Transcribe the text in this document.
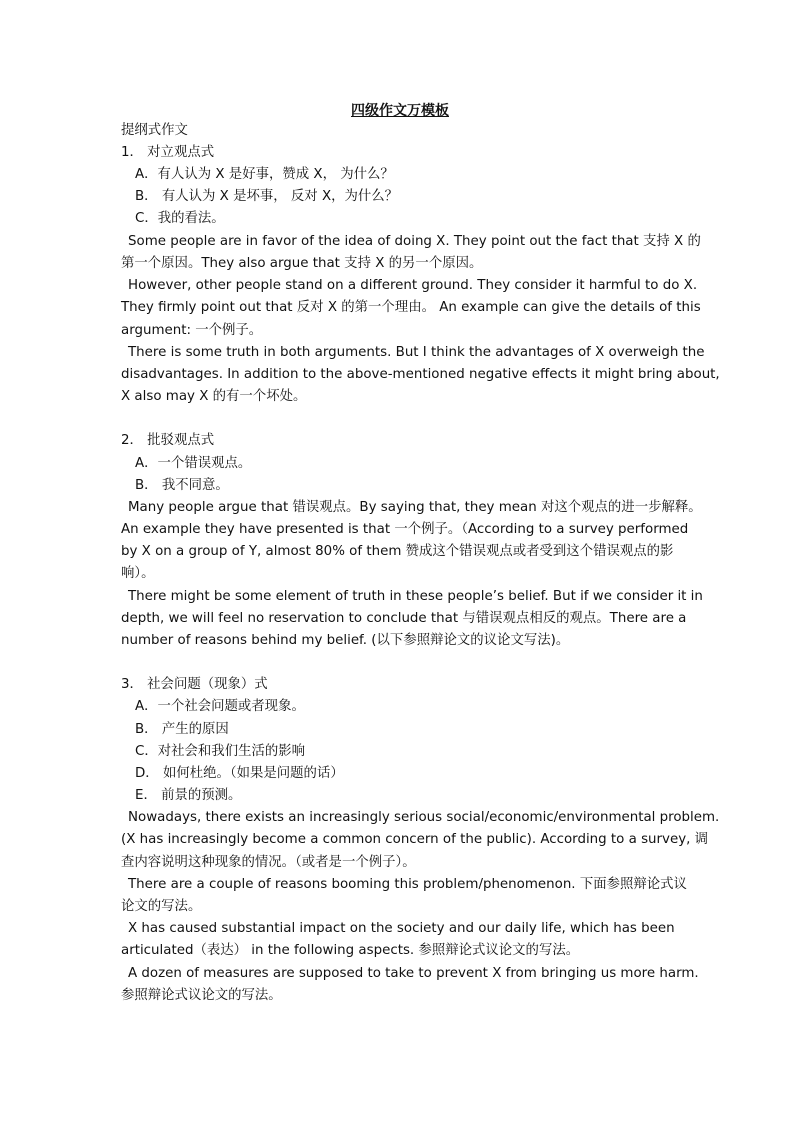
四级作文万模板
提纲式作文
1． 对立观点式
A．有人认为 X 是好事，赞成 X， 为什么？
B． 有人认为 X 是坏事， 反对 X，为什么？
C．我的看法。
Some people are in favor of the idea of doing X. They point out the fact that 支持 X 的
第一个原因。They also argue that 支持 X 的另一个原因。
However, other people stand on a different ground. They consider it harmful to do X.
They firmly point out that 反对 X 的第一个理由。 An example can give the details of this
argument: 一个例子。
There is some truth in both arguments. But I think the advantages of X overweigh the
disadvantages. In addition to the above-mentioned negative effects it might bring about,
X also may X 的有一个坏处。
2． 批驳观点式
A．一个错误观点。
B． 我不同意。
Many people argue that 错误观点。By saying that, they mean 对这个观点的进一步解释。
An example they have presented is that 一个例子。（According to a survey performed
by X on a group of Y, almost 80% of them 赞成这个错误观点或者受到这个错误观点的影
响）。
There might be some element of truth in these people’s belief. But if we consider it in
depth, we will feel no reservation to conclude that 与错误观点相反的观点。There are a
number of reasons behind my belief. (以下参照辩论文的议论文写法)。
3． 社会问题（现象）式
A．一个社会问题或者现象。
B． 产生的原因
C．对社会和我们生活的影响
D． 如何杜绝。（如果是问题的话）
E． 前景的预测。
Nowadays, there exists an increasingly serious social/economic/environmental problem.
(X has increasingly become a common concern of the public). According to a survey, 调
查内容说明这种现象的情况。（或者是一个例子）。
There are a couple of reasons booming this problem/phenomenon. 下面参照辩论式议
论文的写法。
X has caused substantial impact on the society and our daily life, which has been
articulated（表达） in the following aspects. 参照辩论式议论文的写法。
A dozen of measures are supposed to take to prevent X from bringing us more harm.
参照辩论式议论文的写法。
